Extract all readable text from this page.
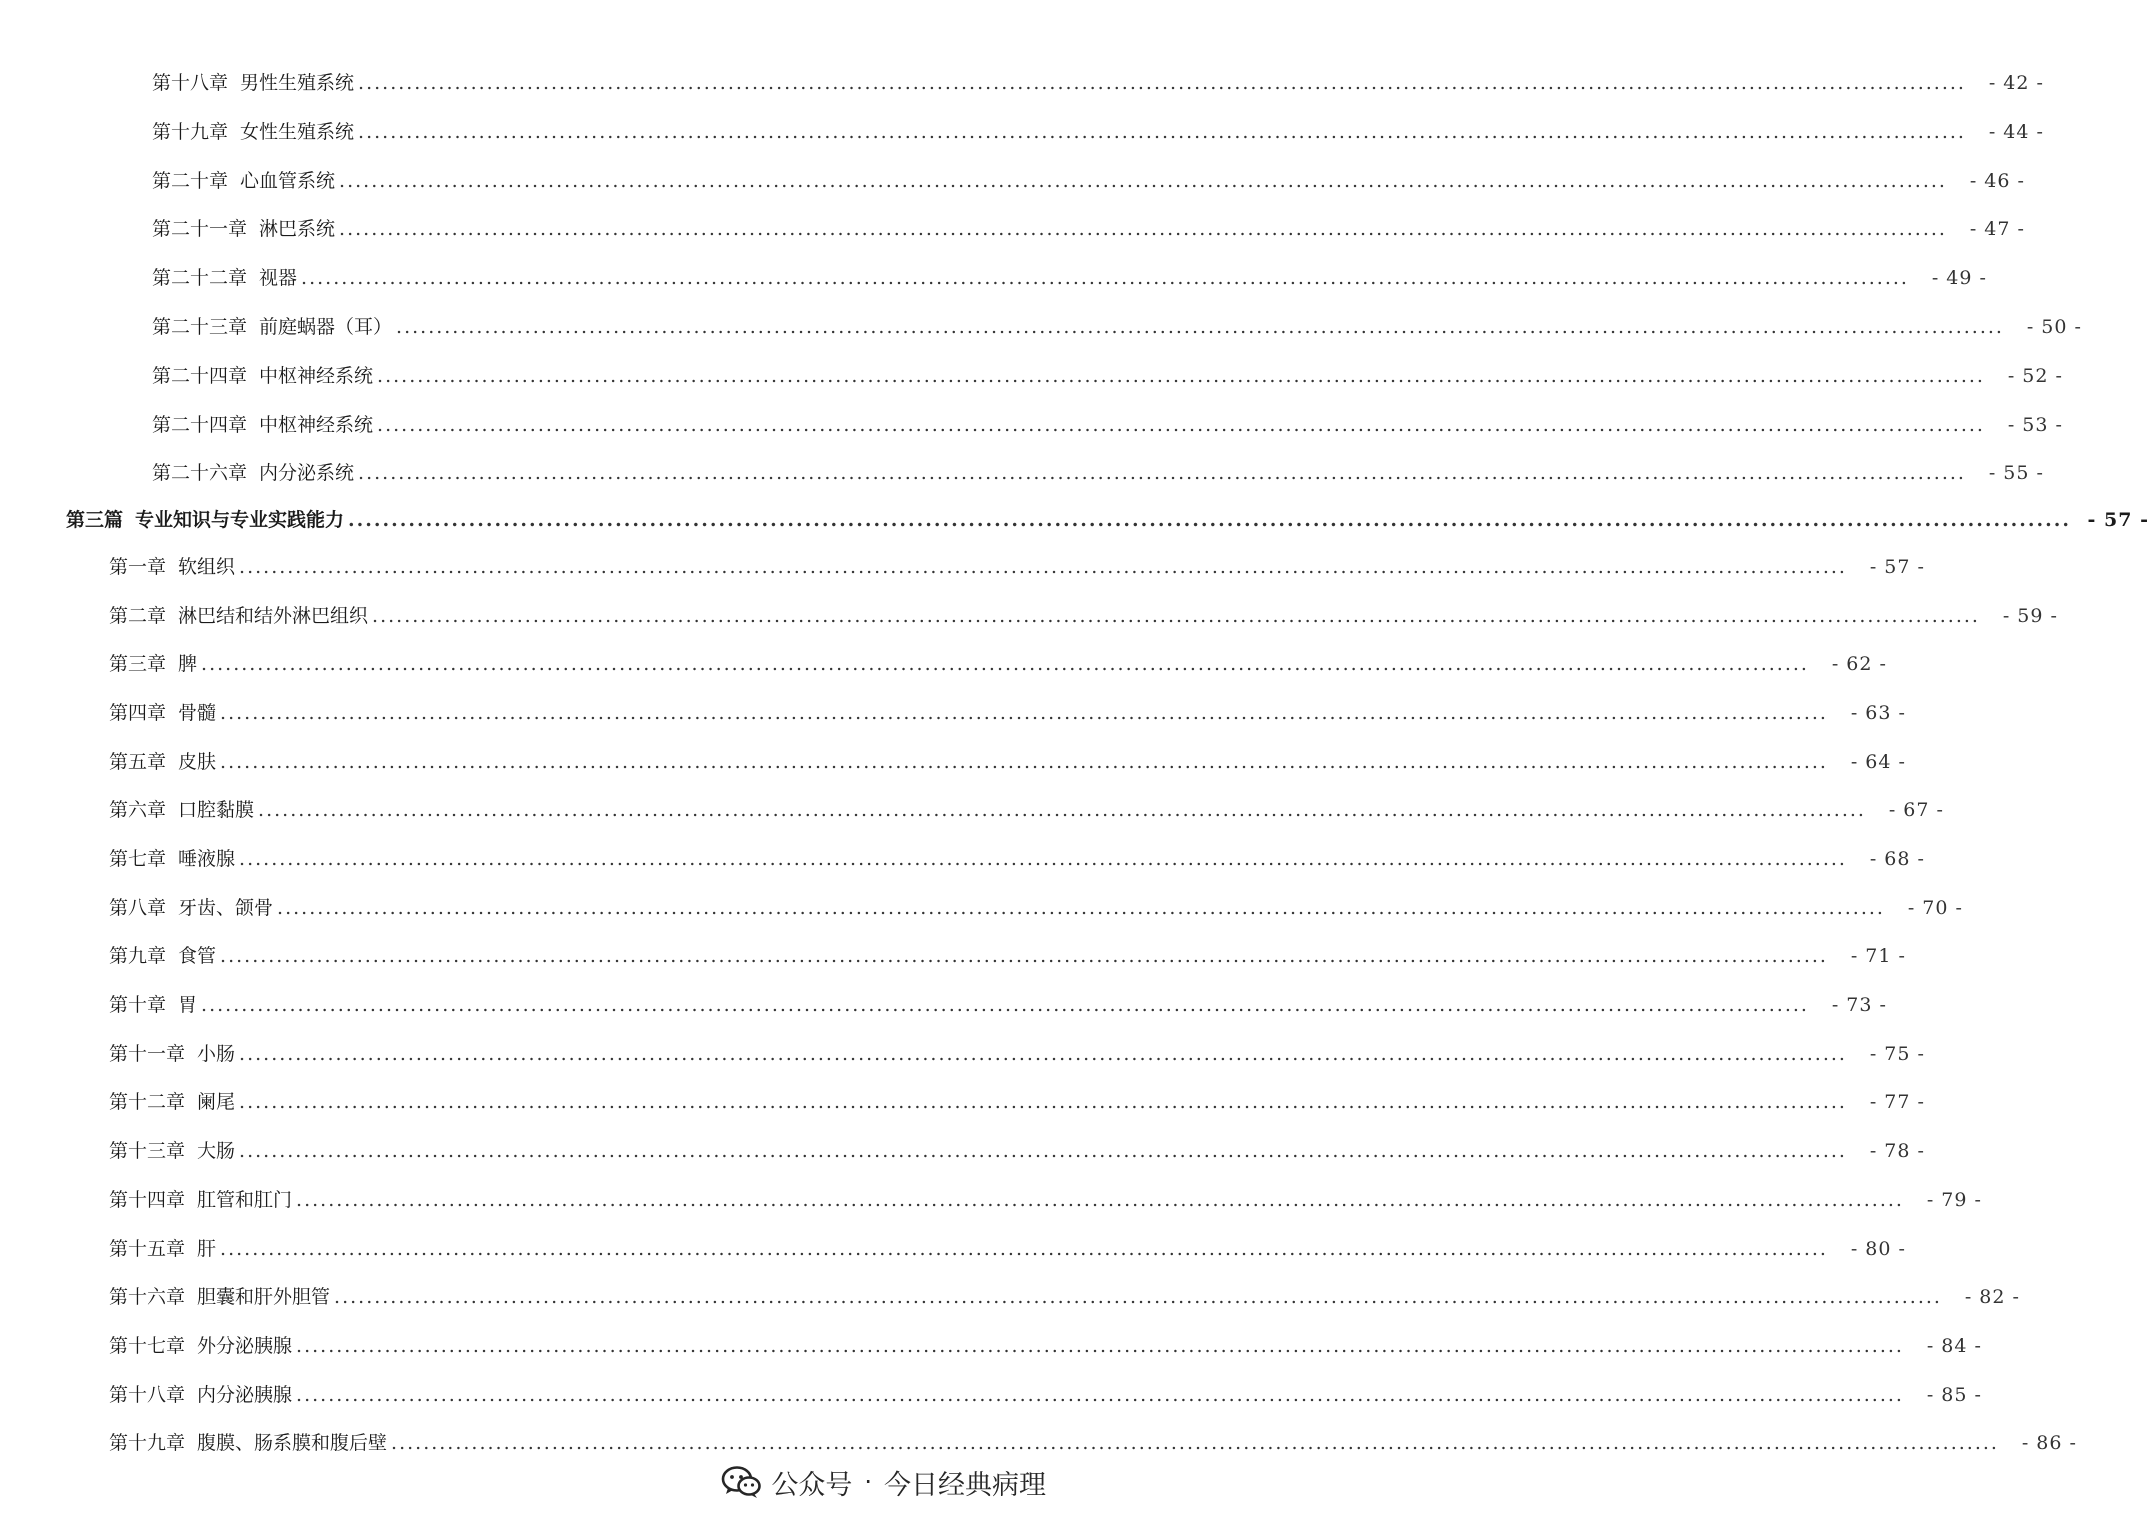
第十八章 男性生殖系统 ........................................................................................................................................................................................................	- 42 -
第十九章 女性生殖系统 ........................................................................................................................................................................................................	- 44 -
第二十章 心血管系统 ........................................................................................................................................................................................................	- 46 -
第二十一章 淋巴系统 ........................................................................................................................................................................................................	- 47 -
第二十二章 视器 ........................................................................................................................................................................................................	- 49 -
第二十三章 前庭蜗器（耳） ........................................................................................................................................................................................................	- 50 -
第二十四章 中枢神经系统 ........................................................................................................................................................................................................	- 52 -
第二十四章 中枢神经系统 ........................................................................................................................................................................................................	- 53 -
第二十六章 内分泌系统 ........................................................................................................................................................................................................	- 55 -
第三篇 专业知识与专业实践能力 ........................................................................................................................................................................................................ - 57 -
第一章 软组织 ........................................................................................................................................................................................................	- 57 -
第二章 淋巴结和结外淋巴组织 ........................................................................................................................................................................................................	- 59 -
第三章 脾 ........................................................................................................................................................................................................	- 62 -
第四章 骨髓 ........................................................................................................................................................................................................	- 63 -
第五章 皮肤 ........................................................................................................................................................................................................	- 64 -
第六章 口腔黏膜 ........................................................................................................................................................................................................	- 67 -
第七章 唾液腺 ........................................................................................................................................................................................................	- 68 -
第八章 牙齿、颌骨 ........................................................................................................................................................................................................	- 70 -
第九章 食管 ........................................................................................................................................................................................................	- 71 -
第十章 胃 ........................................................................................................................................................................................................	- 73 -
第十一章 小肠 ........................................................................................................................................................................................................	- 75 -
第十二章 阑尾 ........................................................................................................................................................................................................	- 77 -
第十三章 大肠 ........................................................................................................................................................................................................	- 78 -
第十四章 肛管和肛门 ........................................................................................................................................................................................................	- 79 -
第十五章 肝 ........................................................................................................................................................................................................	- 80 -
第十六章 胆囊和肝外胆管 ........................................................................................................................................................................................................	- 82 -
第十七章 外分泌胰腺 ........................................................................................................................................................................................................	- 84 -
第十八章 内分泌胰腺 ........................................................................................................................................................................................................	- 85 -
第十九章 腹膜、肠系膜和腹后壁 ........................................................................................................................................................................................................	- 86 -
公众号 · 今日经典病理
